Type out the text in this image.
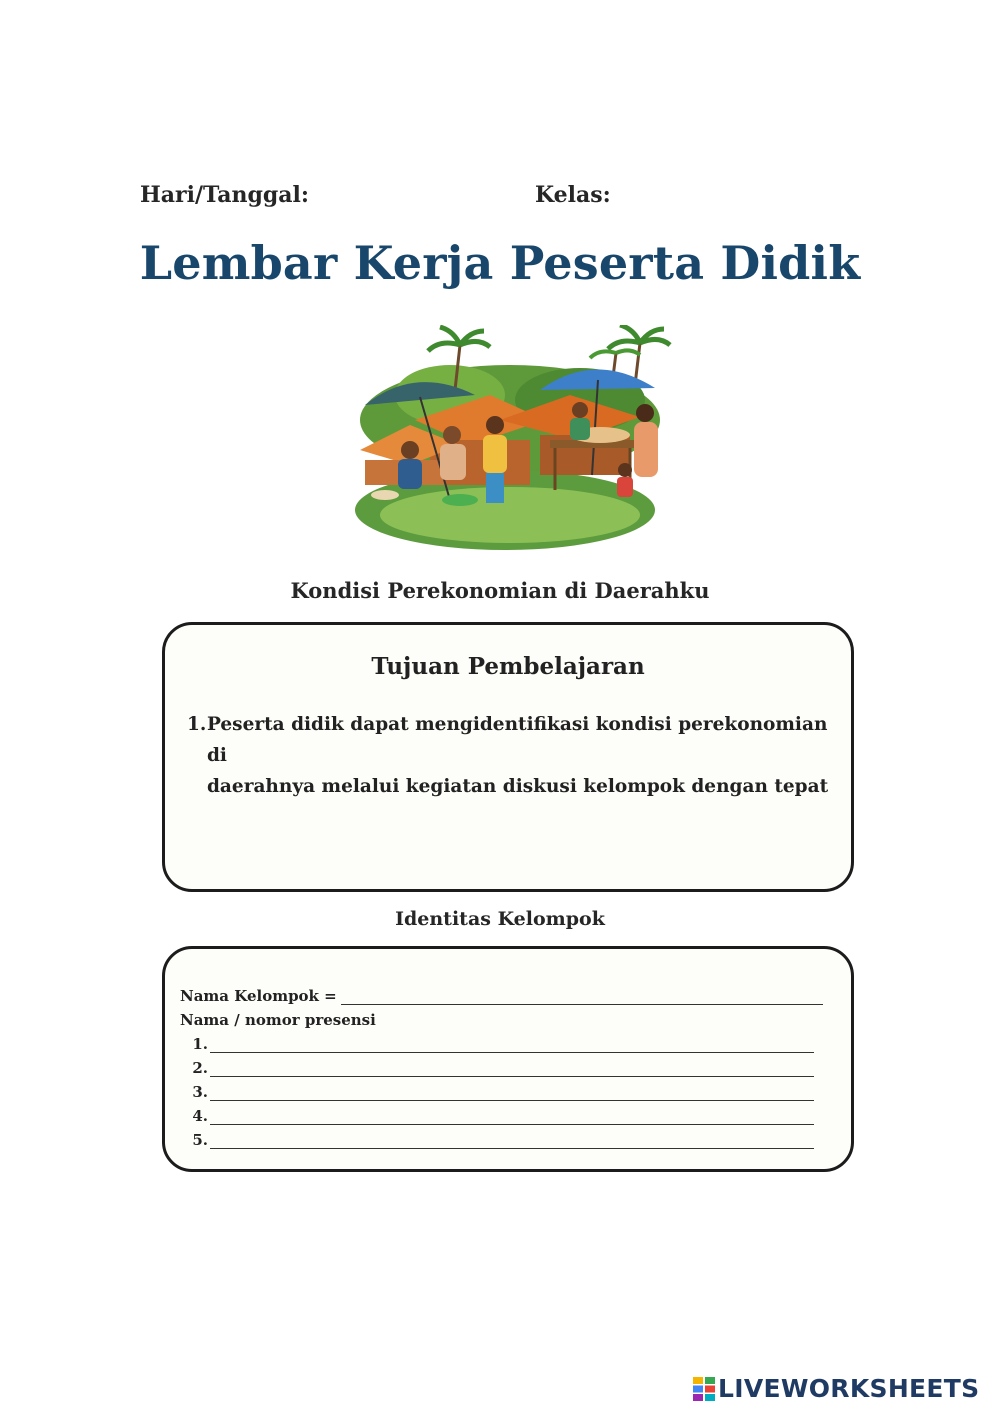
Hari/Tanggal:	Kelas:
Lembar Kerja Peserta Didik
Kondisi Perekonomian di Daerahku
Tujuan Pembelajaran
1. Peserta didik dapat mengidentifikasi kondisi perekonomian di
daerahnya melalui kegiatan diskusi kelompok dengan tepat
Identitas Kelompok
Nama Kelompok =
Nama / nomor presensi
1.
2.
3.
4.
5.
LIVEWORKSHEETS
